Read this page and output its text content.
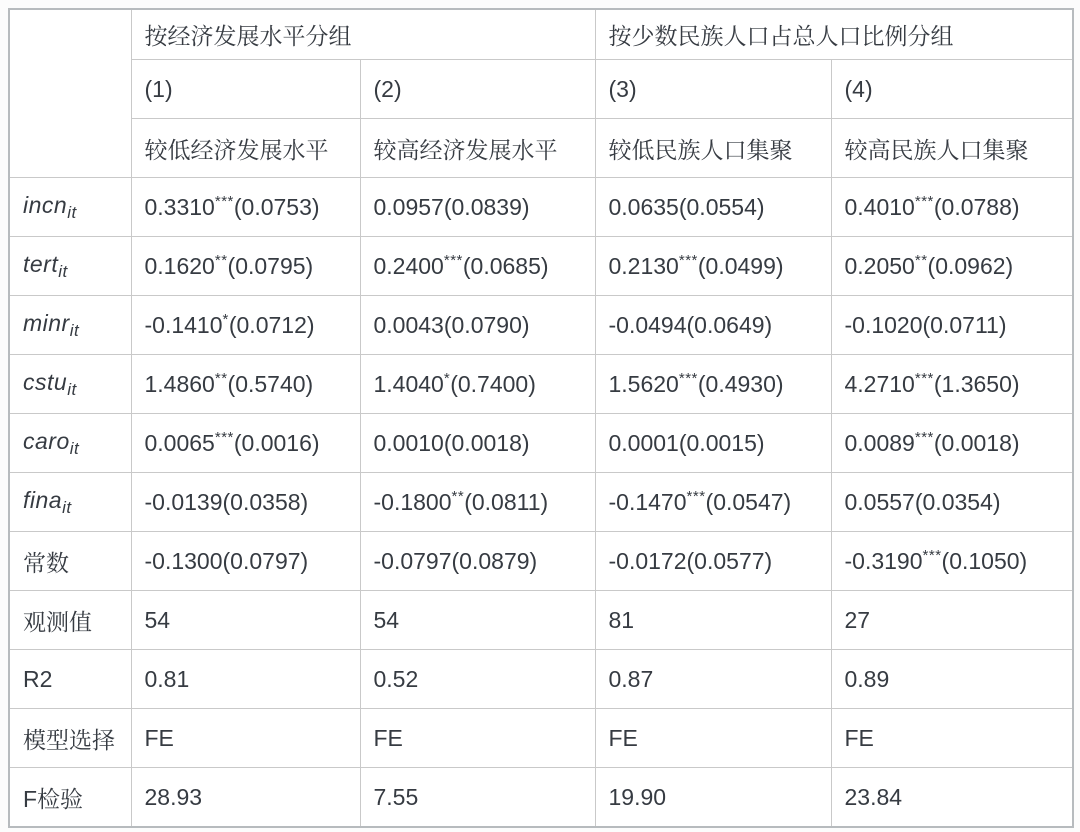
	按经济发展水平分组		按少数民族人口占总人口比例分组	
	(1)	(2)	(3)	(4)
	较低经济发展水平	较高经济发展水平	较低民族人口集聚	较高民族人口集聚
incn$_{it}$	0.3310***(0.0753)	0.0957(0.0839)	0.0635(0.0554)	0.4010***(0.0788)
tert$_{it}$	0.1620**(0.0795)	0.2400***(0.0685)	0.2130***(0.0499)	0.2050**(0.0962)
minr$_{it}$	-0.1410*(0.0712)	0.0043(0.0790)	-0.0494(0.0649)	-0.1020(0.0711)
cstu$_{it}$	1.4860**(0.5740)	1.4040*(0.7400)	1.5620***(0.4930)	4.2710***(1.3650)
caro$_{it}$	0.0065***(0.0016)	0.0010(0.0018)	0.0001(0.0015)	0.0089***(0.0018)
fina$_{it}$	-0.0139(0.0358)	-0.1800**(0.0811)	-0.1470***(0.0547)	0.0557(0.0354)
常数	-0.1300(0.0797)	-0.0797(0.0879)	-0.0172(0.0577)	-0.3190***(0.1050)
观测值	54	54	81	27
R2	0.81	0.52	0.87	0.89
模型选择	FE	FE	FE	FE
F检验	28.93	7.55	19.90	23.84
